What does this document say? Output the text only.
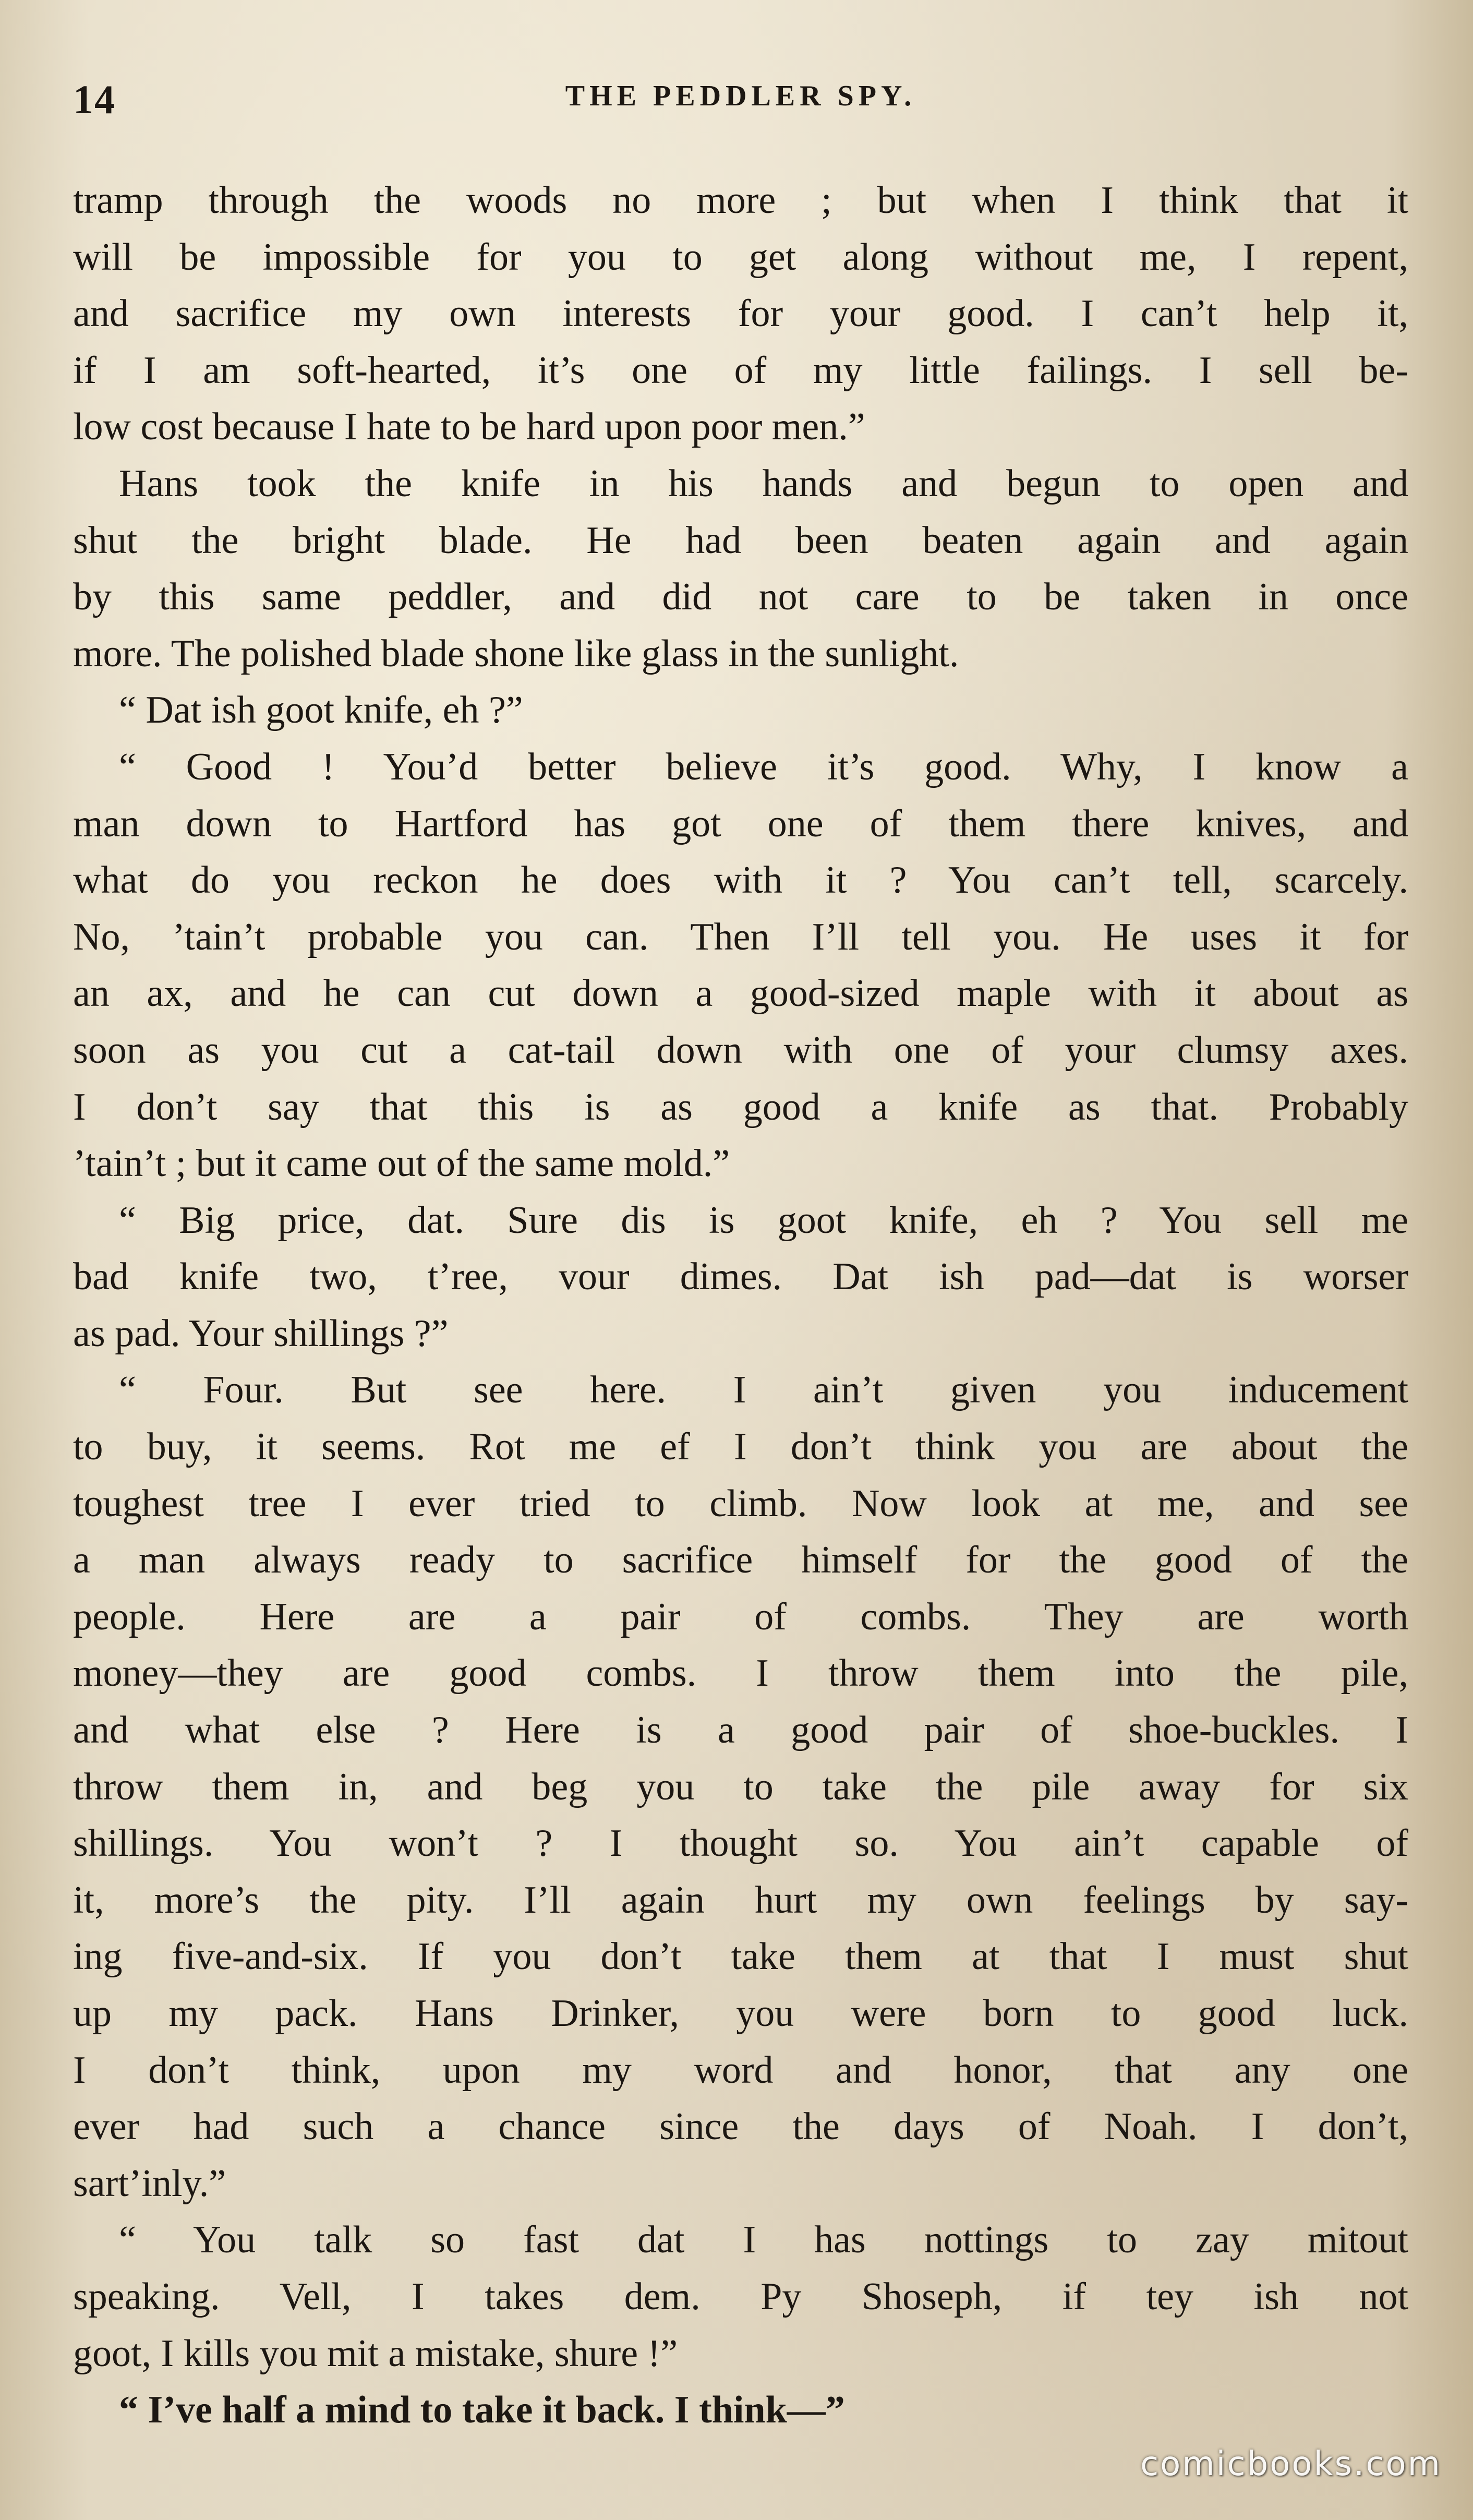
14	THE PEDDLER SPY.
tramp through the woods no more ; but when I think that it
will be impossible for you to get along without me, I repent,
and sacrifice my own interests for your good. I can’t help it,
if I am soft-hearted, it’s one of my little failings. I sell be-
low cost because I hate to be hard upon poor men.”
Hans took the knife in his hands and begun to open and
shut the bright blade. He had been beaten again and again
by this same peddler, and did not care to be taken in once
more. The polished blade shone like glass in the sunlight.
“ Dat ish goot knife, eh ?”
“ Good ! You’d better believe it’s good. Why, I know a
man down to Hartford has got one of them there knives, and
what do you reckon he does with it ? You can’t tell, scarcely.
No, ’tain’t probable you can. Then I’ll tell you. He uses it for
an ax, and he can cut down a good-sized maple with it about as
soon as you cut a cat-tail down with one of your clumsy axes.
I don’t say that this is as good a knife as that. Probably
’tain’t ; but it came out of the same mold.”
“ Big price, dat. Sure dis is goot knife, eh ? You sell me
bad knife two, t’ree, vour dimes. Dat ish pad—dat is worser
as pad. Your shillings ?”
“ Four. But see here. I ain’t given you inducement
to buy, it seems. Rot me ef I don’t think you are about the
toughest tree I ever tried to climb. Now look at me, and see
a man always ready to sacrifice himself for the good of the
people. Here are a pair of combs. They are worth
money—they are good combs. I throw them into the pile,
and what else ? Here is a good pair of shoe-buckles. I
throw them in, and beg you to take the pile away for six
shillings. You won’t ? I thought so. You ain’t capable of
it, more’s the pity. I’ll again hurt my own feelings by say-
ing five-and-six. If you don’t take them at that I must shut
up my pack. Hans Drinker, you were born to good luck.
I don’t think, upon my word and honor, that any one
ever had such a chance since the days of Noah. I don’t,
sart’inly.”
“ You talk so fast dat I has nottings to zay mitout
speaking. Vell, I takes dem. Py Shoseph, if tey ish not
goot, I kills you mit a mistake, shure !”
“ I’ve half a mind to take it back. I think—”
comicbooks.com
